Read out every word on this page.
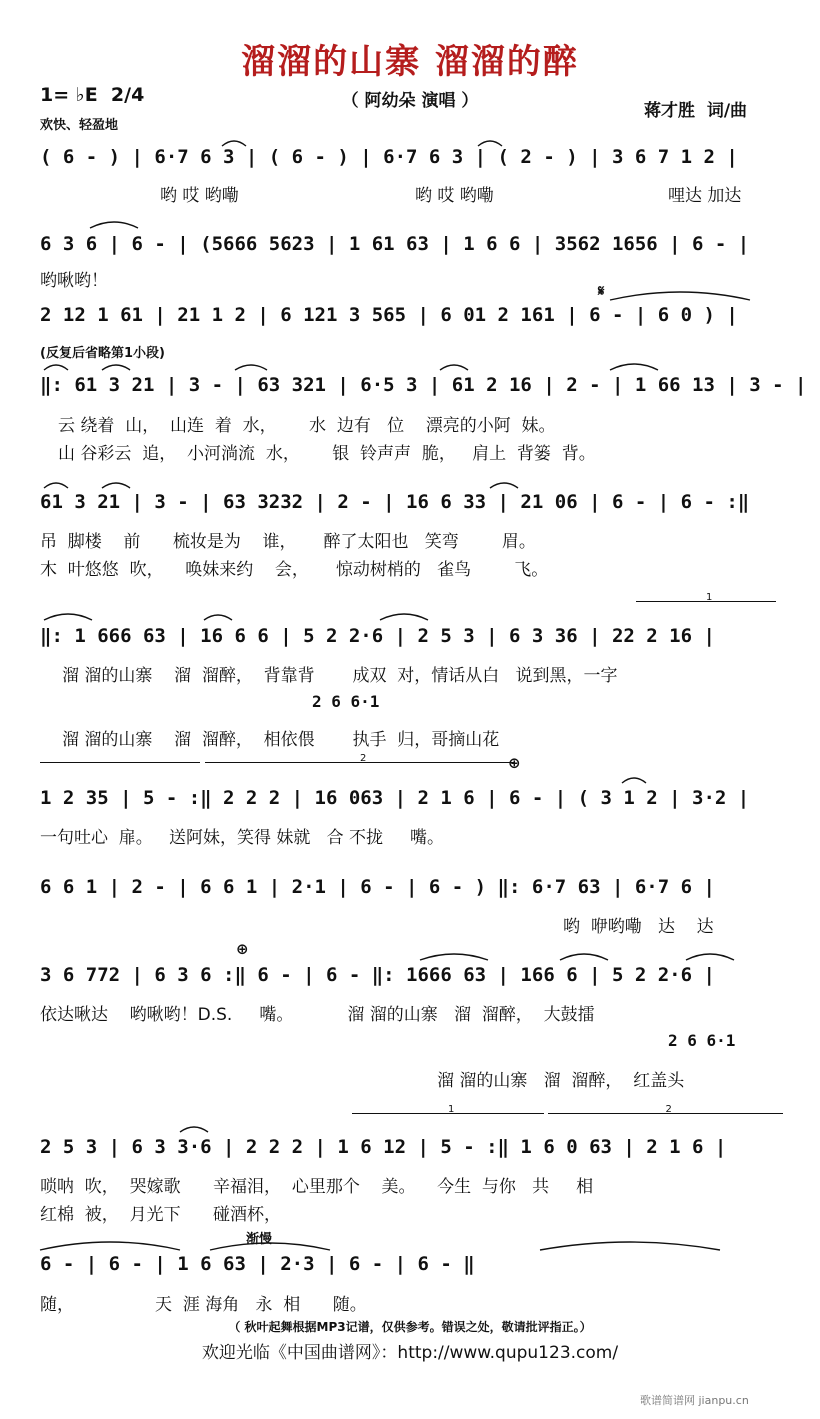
溜溜的山寨 溜溜的醉
（ 阿幼朵 演唱 ）
1= ♭E  2/4
欢快、轻盈地
蒋才胜  词/曲
( 6 - ) | 6·7 6 3 | ( 6 - ) | 6·7 6 3 | ( 2 - ) | 3 6 7 1 2 |
哟 哎 哟嘞	哟 哎 哟嘞	哩达 加达
6 3 6 | 6 - | (5666 5623 | 1 61 63 | 1 6 6 | 3562 1656 | 6 - |
哟啾哟！
2 12 1 61 | 21 1 2 | 6 121 3 565 | 6 01 2 161 | 6 - | 6 0 ) |
𝄋
(反复后省略第1小段)
‖: 61 3 21 | 3 - | 63 321 | 6·5 3 | 61 2 16 | 2 - | 1 66 13 | 3 - |
云 绕着  山，  山连  着  水，      水  边有   位    漂亮的小阿  妹。
山 谷彩云  追，  小河淌流  水，      银  铃声声  脆，   肩上  背篓  背。
61 3 21 | 3 - | 63 3232 | 2 - | 16 6 33 | 21 06 | 6 - | 6 - :‖
吊  脚楼    前      梳妆是为    谁，     醉了太阳也   笑弯        眉。
木  叶悠悠  吹，    唤妹来约    会，     惊动树梢的   雀鸟        飞。
1
‖: 1 666 63 | 16 6 6 | 5 2 2·6 | 2 5 3 | 6 3 36 | 22 2 16 |
溜 溜的山寨    溜  溜醉，  背靠背       成双  对，情话从白   说到黑，一字
2 6 6·1
溜 溜的山寨    溜  溜醉，  相依偎       执手  归，哥摘山花
2	⊕
1 2 35 | 5 - :‖ 2 2 2 | 16 063 | 2 1 6 | 6 - | ( 3 1 2 | 3·2 |
一句吐心  扉。   送阿妹，笑得 妹就   合 不拢     嘴。
6 6 1 | 2 - | 6 6 1 | 2·1 | 6 - | 6 - ) ‖: 6·7 63 | 6·7 6 |
哟  咿哟嘞   达    达
⊕
3 6 772 | 6 3 6 :‖ 6 - | 6 - ‖: 1666 63 | 166 6 | 5 2 2·6 |
依达啾达    哟啾哟！D.S.     嘴。          溜 溜的山寨   溜  溜醉，  大鼓擂
2 6 6·1
溜 溜的山寨   溜  溜醉，  红盖头
1	2
2 5 3 | 6 3 3·6 | 2 2 2 | 1 6 12 | 5 - :‖ 1 6 0 63 | 2 1 6 |
唢呐  吹，  哭嫁歌      辛福泪，  心里那个    美。    今生  与你   共     相
红棉  被，  月光下      碰酒杯，
渐慢
6 - | 6 - | 1 6 63 | 2·3 | 6 - | 6 - ‖
随，               天  涯 海角   永  相      随。
（ 秋叶起舞根据MP3记谱，仅供参考。错误之处，敬请批评指正。）
欢迎光临《中国曲谱网》：http://www.qupu123.com/
歌谱简谱网 jianpu.cn
